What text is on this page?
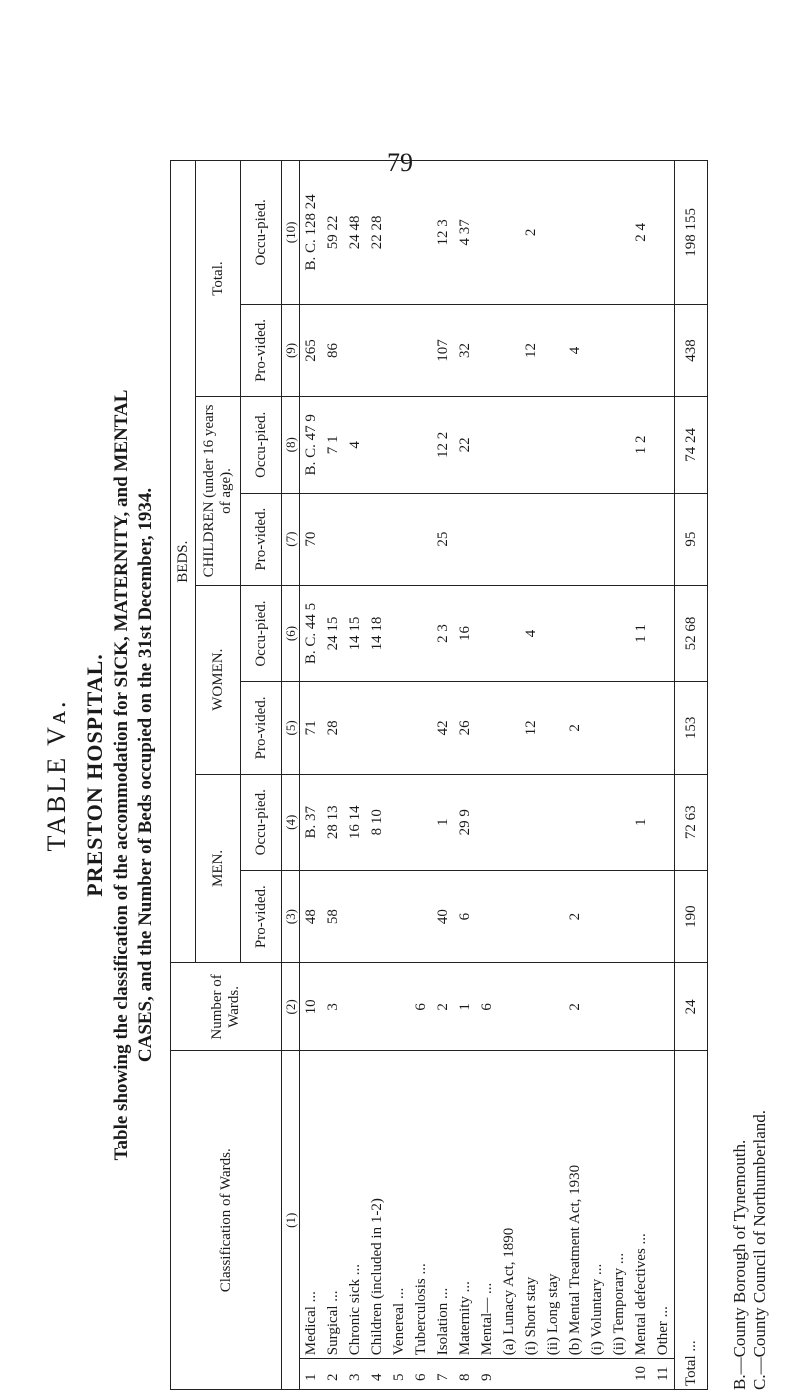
79
TABLE Vᴀ. PRESTON HOSPITAL. Table showing the classification of the accommodation for SICK, MATERNITY, and MENTAL CASES, and the Number of Beds occupied on the 31st December, 1934.
Classification of Wards.		Number of Wards.	BEDS.							
			MEN.		WOMEN.		CHILDREN (under 16 years of age).		Total.	
			Pro-vided.	Occu-pied.	Pro-vided.	Occu-pied.	Pro-vided.	Occu-pied.	Pro-vided.	Occu-pied.
(1)		(2)	(3)	(4)	(5)	(6)	(7)	(8)	(9)	(10)
1	Medical ...	10	48	B. 37	71	B. C. 44 5	70	B. C. 47 9	265	B. C. 128 24
2	Surgical ...	3	58	28 13	28	24 15		7 1	86	59 22
3	Chronic sick ...			16 14		14 15		4		24 48
4	Children (included in 1-2)			8 10		14 18				22 28
5	Venereal ...									
6	Tuberculosis ...	6								
7	Isolation ...	2	40	1	42	2 3	25	12 2	107	12 3
8	Maternity ...	1	6	29 9	26	16		22	32	4 37
9	Mental— ...	6								
	(a) Lunacy Act, 1890									
	(i) Short stay				12	4			12	2
	(ii) Long stay									
	(b) Mental Treatment Act, 1930	2	2		2				4	
	(i) Voluntary ...									
	(ii) Temporary ...									
10	Mental defectives ...			1		1 1		1 2		2 4
11	Other ...									
Total ...		24	190	72 63	153	52 68	95	74 24	438	198 155
B.—County Borough of Tynemouth. C.—County Council of Northumberland.
